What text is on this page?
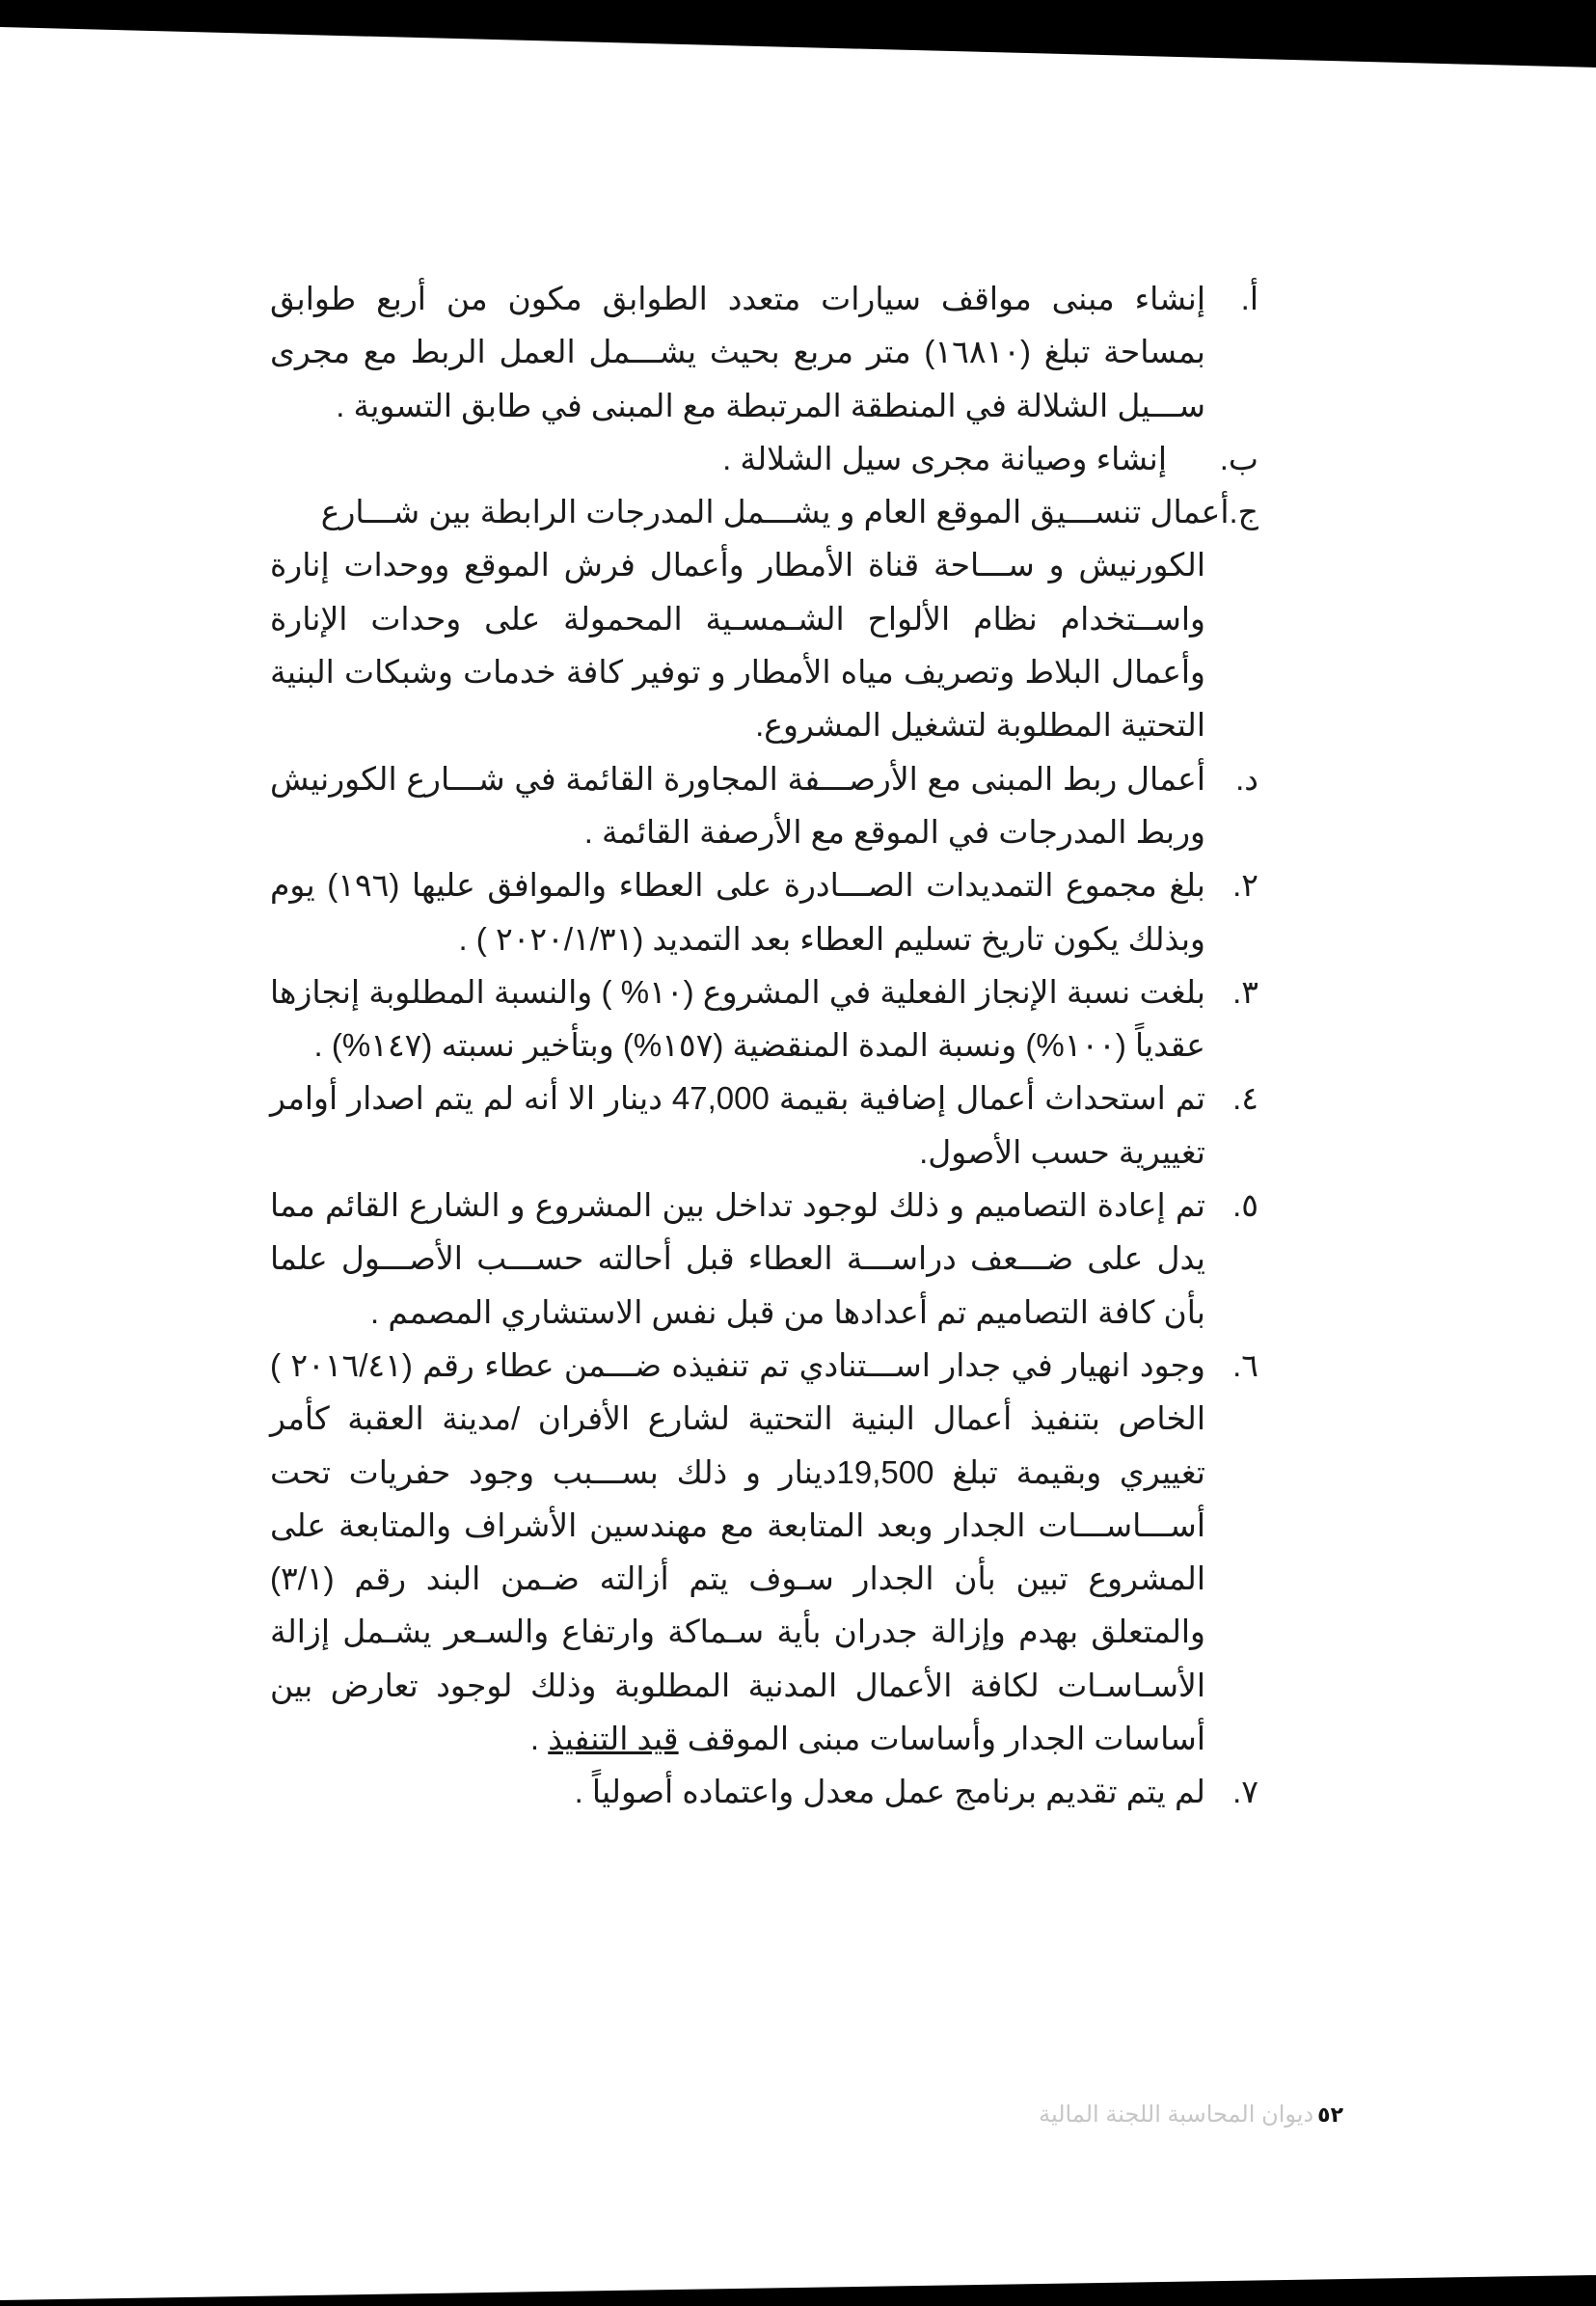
أ.
إنشاء مبنى مواقف سيارات متعدد الطوابق مكون من أربع طوابق بمساحة تبلغ (١٦٨١٠) متر مربع بحيث يشـــمل العمل الربط مع مجرى ســـيل الشلالة في المنطقة المرتبطة مع المبنى في طابق التسوية .
ب.
إنشاء وصيانة مجرى سيل الشلالة .
ج.أعمال تنســـيق الموقع العام و يشـــمل المدرجات الرابطة بين شـــارع
الكورنيش و ســـاحة قناة الأمطار وأعمال فرش الموقع ووحدات إنارة واســتخدام نظام الألواح الشـمسـية المحمولة على وحدات الإنارة وأعمال البلاط وتصريف مياه الأمطار و توفير كافة خدمات وشبكات البنية التحتية المطلوبة لتشغيل المشروع.
د.
أعمال ربط المبنى مع الأرصـــفة المجاورة القائمة في شـــارع الكورنيش وربط المدرجات في الموقع مع الأرصفة القائمة .
٢.
بلغ مجموع التمديدات الصـــادرة على العطاء والموافق عليها (١٩٦) يوم وبذلك يكون تاريخ تسليم العطاء بعد التمديد (٢٠٢٠/١/٣١ ) .
٣.
بلغت نسبة الإنجاز الفعلية في المشروع (١٠% ) والنسبة المطلوبة إنجازها عقدياً (١٠٠%) ونسبة المدة المنقضية (١٥٧%) وبتأخير نسبته (١٤٧%) .
٤.
تم استحداث أعمال إضافية بقيمة 47,000 دينار الا أنه لم يتم اصدار أوامر تغييرية حسب الأصول.
٥.
تم إعادة التصاميم و ذلك لوجود تداخل بين المشروع و الشارع القائم مما يدل على ضـــعف دراســـة العطاء قبل أحالته حســـب الأصـــول علما بأن كافة التصاميم تم أعدادها من قبل نفس الاستشاري المصمم .
٦.
وجود انهيار في جدار اســـتنادي تم تنفيذه ضـــمن عطاء رقم (٢٠١٦/٤١ ) الخاص بتنفيذ أعمال البنية التحتية لشارع الأفران /مدينة العقبة كأمر تغييري وبقيمة تبلغ 19,500دينار و ذلك بســـبب وجود حفريات تحت أســـاســـات الجدار وبعد المتابعة مع مهندسين الأشراف والمتابعة على المشروع تبين بأن الجدار سـوف يتم أزالته ضـمن البند رقم (٣/١) والمتعلق بهدم وإزالة جدران بأية سـماكة وارتفاع والسـعر يشـمل إزالة الأسـاسـات لكافة الأعمال المدنية المطلوبة وذلك لوجود تعارض بين أساسات الجدار وأساسات مبنى الموقف قيد التنفيذ .
٧.
لم يتم تقديم برنامج عمل معدل واعتماده أصولياً .
٥٢ديوان المحاسبة اللجنة المالية
